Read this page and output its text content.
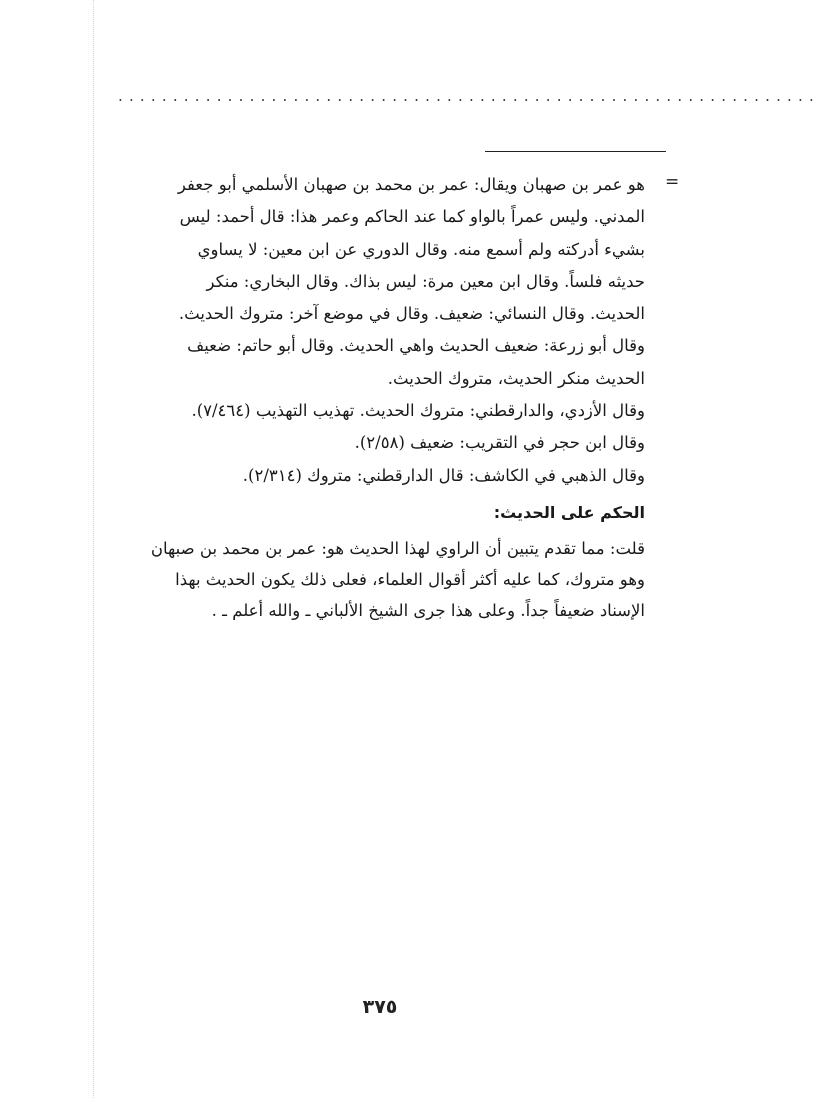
................................................................
=
هو عمر بن صهبان ويقال: عمر بن محمد بن صهبان الأسلمي أبو جعفر
المدني. وليس عمراً بالواو كما عند الحاكم وعمر هذا: قال أحمد: ليس
بشيء أدركته ولم أسمع منه. وقال الدوري عن ابن معين: لا يساوي
حديثه فلساً. وقال ابن معين مرة: ليس بذاك. وقال البخاري: منكر
الحديث. وقال النسائي: ضعيف. وقال في موضع آخر: متروك الحديث.
وقال أبو زرعة: ضعيف الحديث واهي الحديث. وقال أبو حاتم: ضعيف
الحديث منكر الحديث، متروك الحديث.
وقال الأزدي، والدارقطني: متروك الحديث. تهذيب التهذيب (٧/٤٦٤).
وقال ابن حجر في التقريب: ضعيف (٢/٥٨).
وقال الذهبي في الكاشف: قال الدارقطني: متروك (٢/٣١٤).
الحكم على الحديث:
قلت: مما تقدم يتبين أن الراوي لهذا الحديث هو: عمر بن محمد بن صبهان
وهو متروك، كما عليه أكثر أقوال العلماء، فعلى ذلك يكون الحديث بهذا
الإسناد ضعيفاً جداً. وعلى هذا جرى الشيخ الألباني ـ والله أعلم ـ .
٣٧٥
